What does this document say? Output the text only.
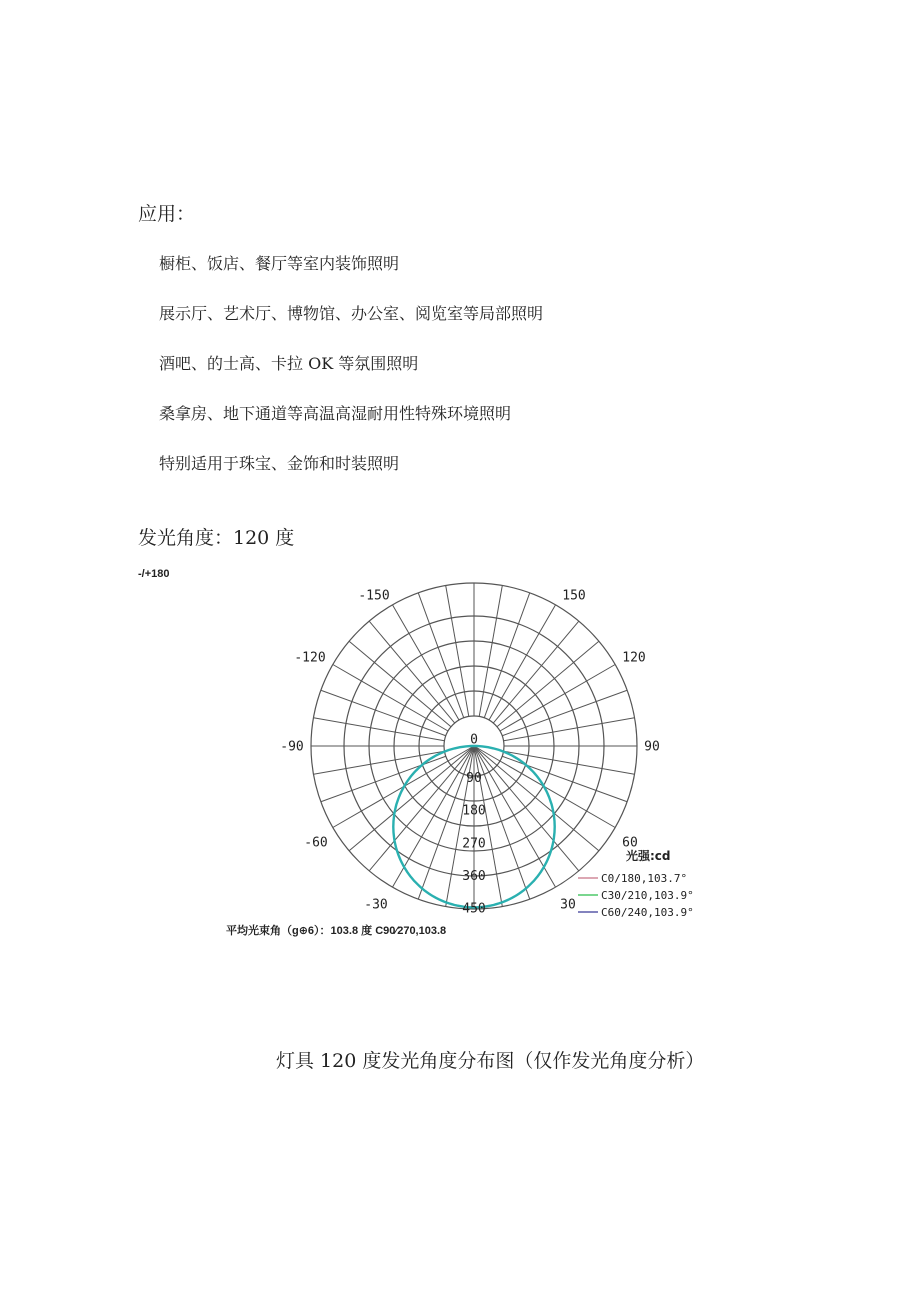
应用：
橱柜、饭店、餐厅等室内装饰照明
展示厅、艺术厅、博物馆、办公室、阅览室等局部照明
酒吧、的士高、卡拉 OK 等氛围照明
桑拿房、地下通道等高温高湿耐用性特殊环境照明
特别适用于珠宝、金饰和时装照明
发光角度：120 度
-/+180
-150	150
-120	120
-90	90
-60	60
-30	30
0
90
180
270
360
450
光强:cd
C0/180,103.7°
C30/210,103.9°
C60/240,103.9°
平均光束角（g⊕6）：103.8 度 C90⁄270,103.8
灯具 120 度发光角度分布图（仅作发光角度分析）
